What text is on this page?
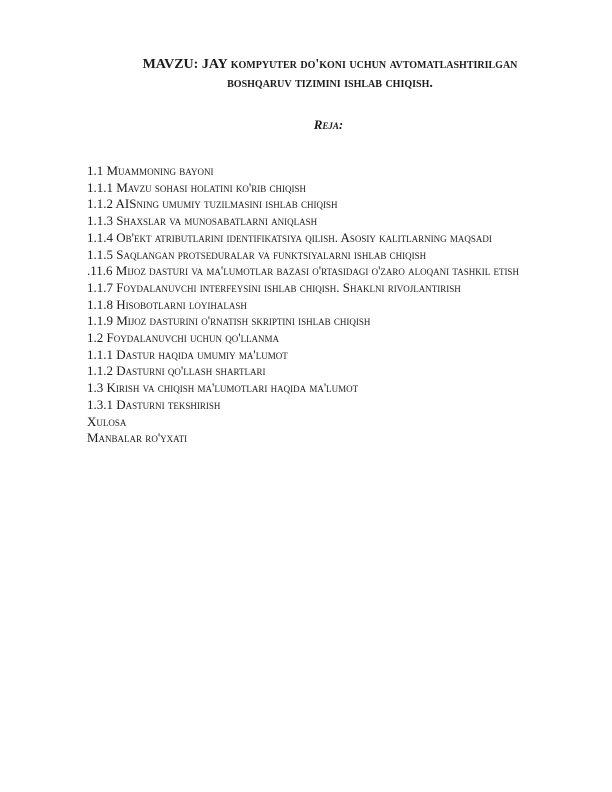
MAVZU: JAY kompyuter do'koni uchun avtomatlashtirilgan
boshqaruv tizimini ishlab chiqish.
Reja:
1.1 Muammoning bayoni
1.1.1 Mavzu sohasi holatini ko'rib chiqish
1.1.2 AISning umumiy tuzilmasini ishlab chiqish
1.1.3 Shaxslar va munosabatlarni aniqlash
1.1.4 Ob'ekt atributlarini identifikatsiya qilish. Asosiy kalitlarning maqsadi
1.1.5 Saqlangan protseduralar va funktsiyalarni ishlab chiqish
.11.6 Mijoz dasturi va ma'lumotlar bazasi o'rtasidagi o'zaro aloqani tashkil etish
1.1.7 Foydalanuvchi interfeysini ishlab chiqish. Shaklni rivojlantirish
1.1.8 Hisobotlarni loyihalash
1.1.9 Mijoz dasturini o'rnatish skriptini ishlab chiqish
1.2 Foydalanuvchi uchun qo'llanma
1.1.1 Dastur haqida umumiy ma'lumot
1.1.2 Dasturni qo'llash shartlari
1.3 Kirish va chiqish ma'lumotlari haqida ma'lumot
1.3.1 Dasturni tekshirish
Xulosa
Manbalar ro'yxati
